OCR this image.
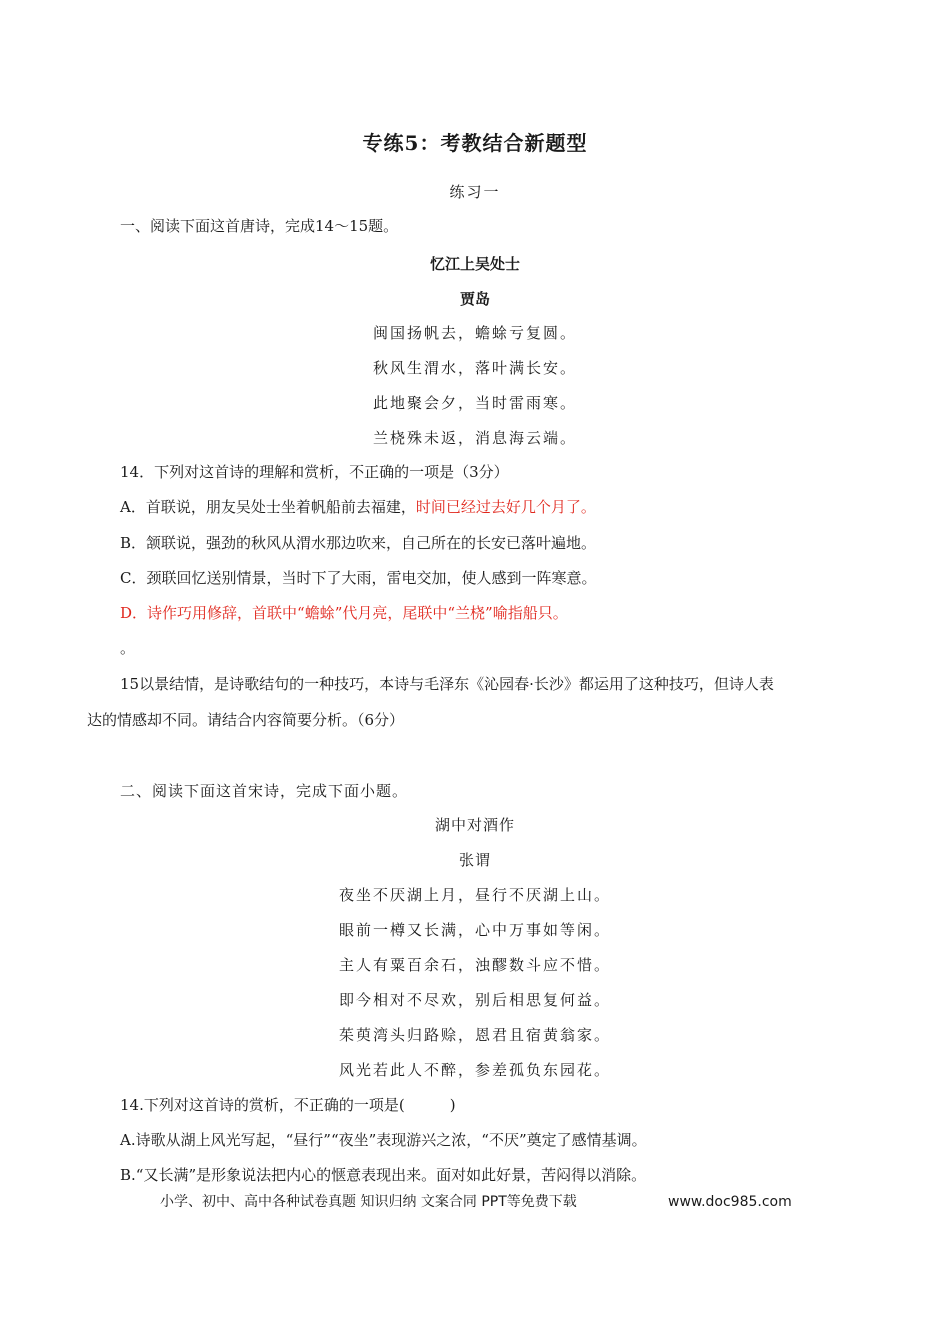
专练5：考教结合新题型
练习一
一、阅读下面这首唐诗，完成14～15题。
忆江上吴处士
贾岛
闽国扬帆去，蟾蜍亏复圆。
秋风生渭水，落叶满长安。
此地聚会夕，当时雷雨寒。
兰桡殊未返，消息海云端。
14．下列对这首诗的理解和赏析，不正确的一项是（3分）
A．首联说，朋友吴处士坐着帆船前去福建，时间已经过去好几个月了。
B．颔联说，强劲的秋风从渭水那边吹来，自己所在的长安已落叶遍地。
C．颈联回忆送别情景，当时下了大雨，雷电交加，使人感到一阵寒意。
D．诗作巧用修辞，首联中“蟾蜍”代月亮，尾联中“兰桡”喻指船只。
。
15以景结情，是诗歌结句的一种技巧，本诗与毛泽东《沁园春·长沙》都运用了这种技巧，但诗人表
达的情感却不同。请结合内容简要分析。（6分）
二、阅读下面这首宋诗，完成下面小题。
湖中对酒作
张谓
夜坐不厌湖上月，昼行不厌湖上山。
眼前一樽又长满，心中万事如等闲。
主人有粟百余石，浊醪数斗应不惜。
即今相对不尽欢，别后相思复何益。
茱萸湾头归路赊，恩君且宿黄翁家。
风光若此人不醉，参差孤负东园花。
14.下列对这首诗的赏析，不正确的一项是(　　　)
A.诗歌从湖上风光写起，“昼行”“夜坐”表现游兴之浓，“不厌”奠定了感情基调。
B.“又长满”是形象说法把内心的惬意表现出来。面对如此好景，苦闷得以消除。
小学、初中、高中各种试卷真题 知识归纳 文案合同 PPT等免费下载	www.doc985.com
